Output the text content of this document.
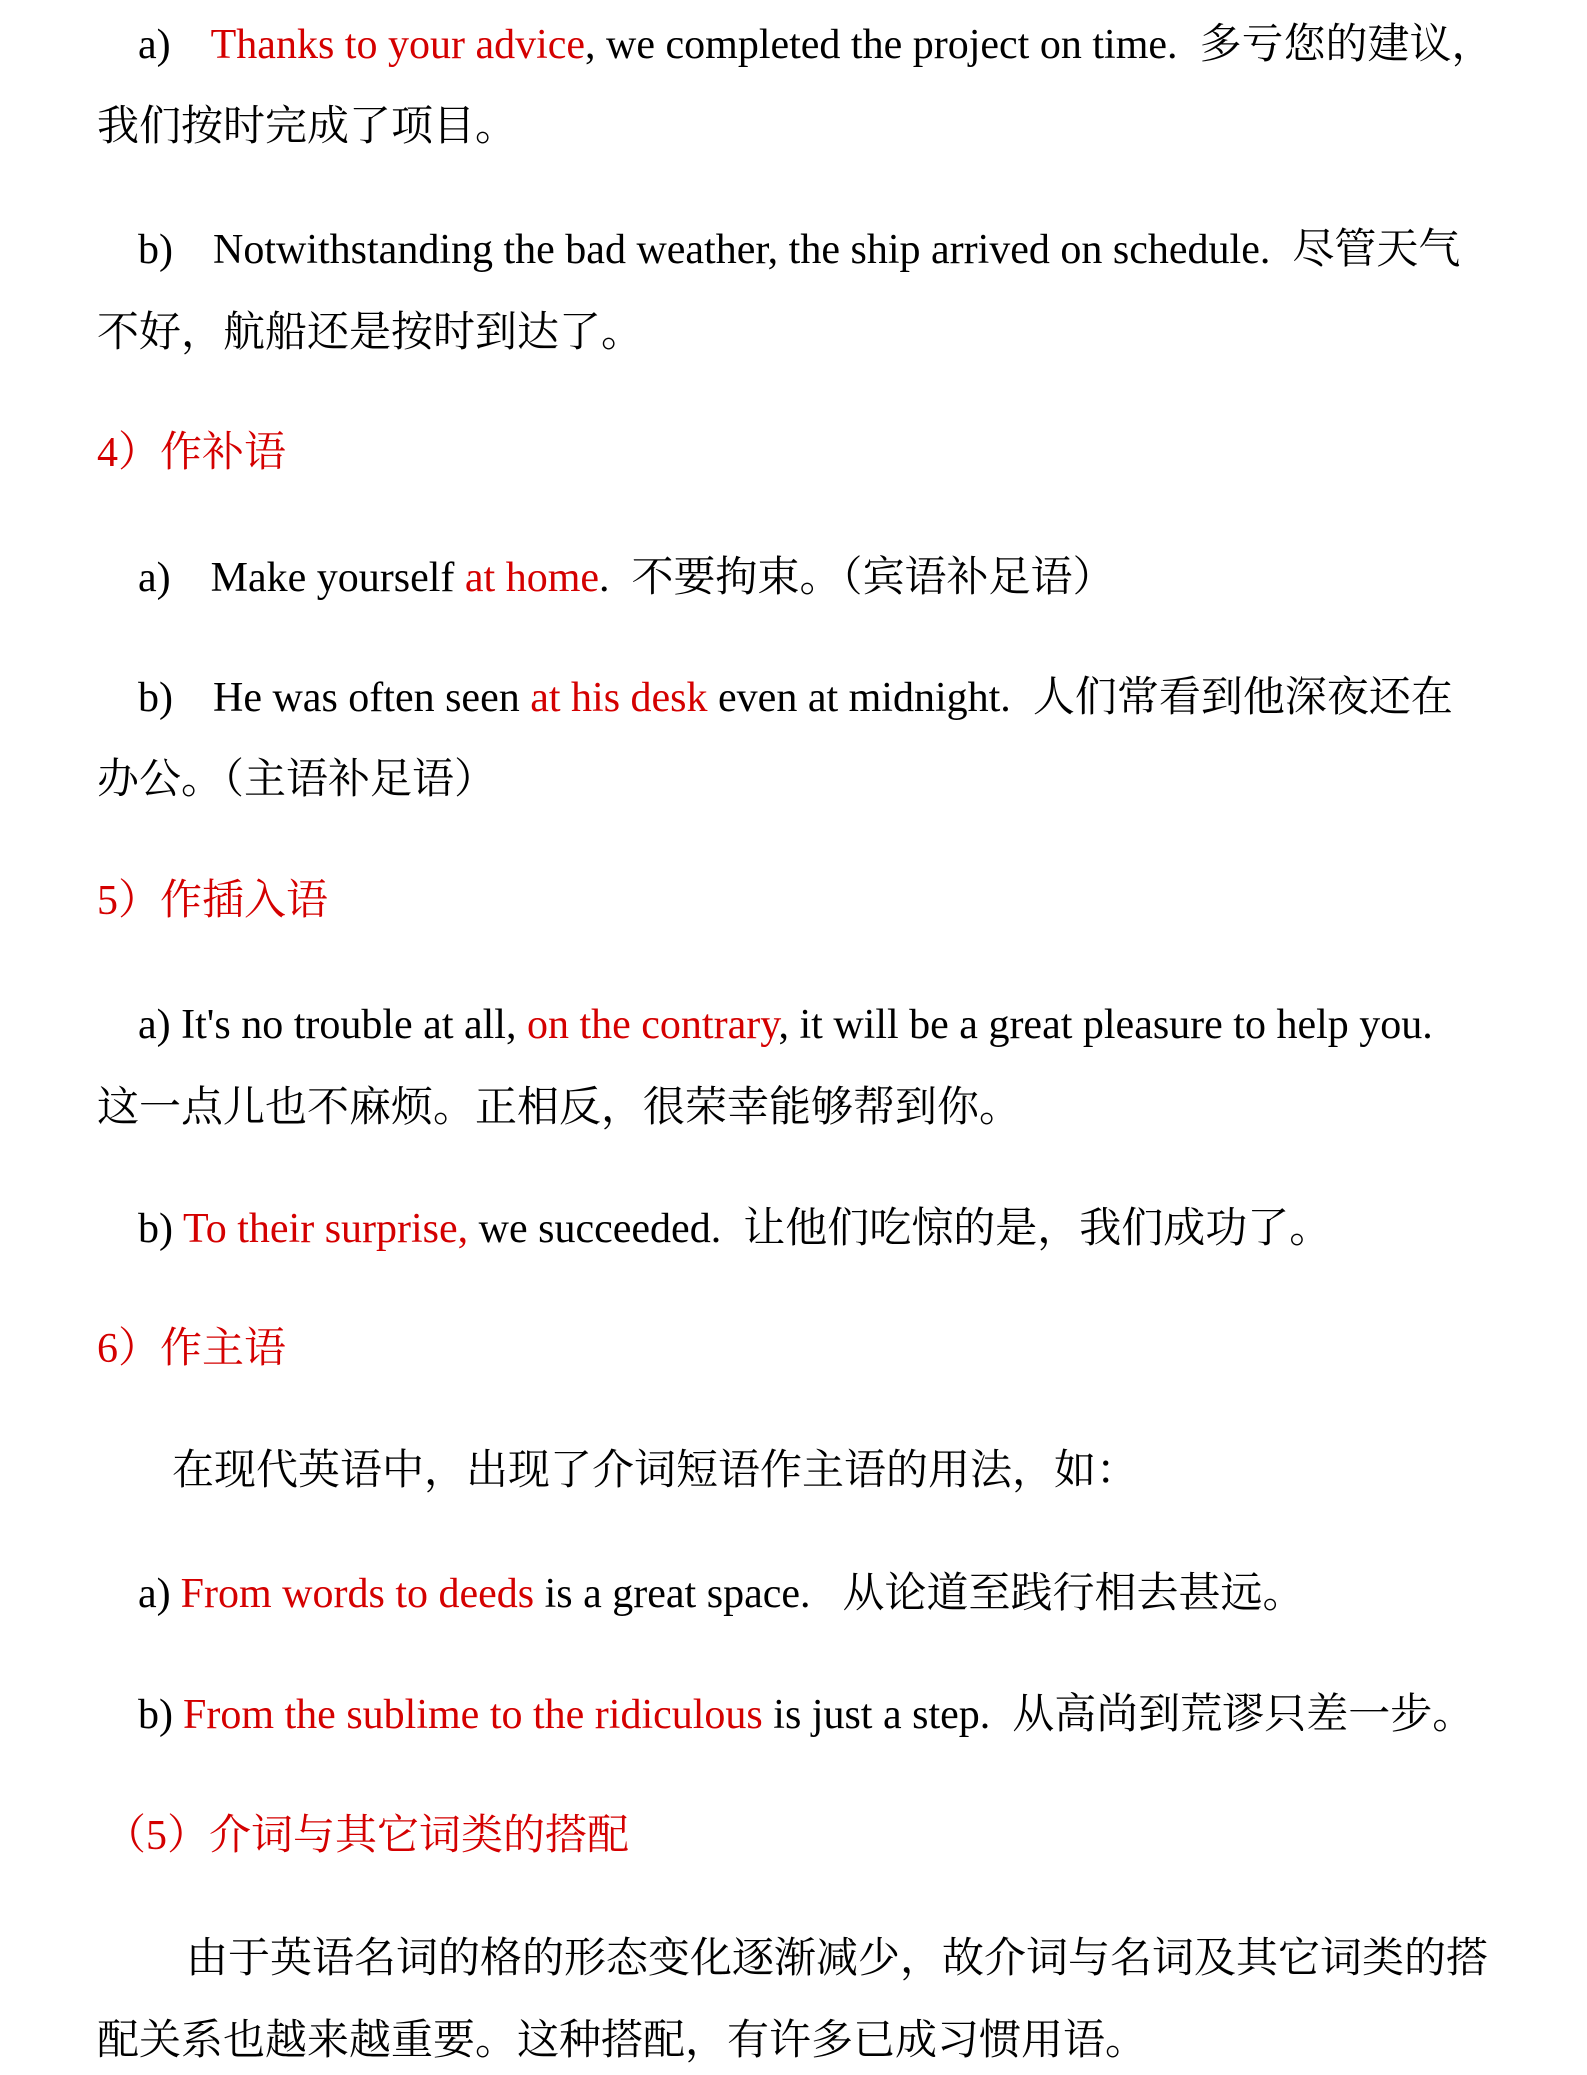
a) Thanks to your advice, we completed the project on time. 多亏您的建议，
我们按时完成了项目。
b) Notwithstanding the bad weather, the ship arrived on schedule. 尽管天气
不好，航船还是按时到达了。
4）作补语
a) Make yourself at home. 不要拘束。（宾语补足语）
b) He was often seen at his desk even at midnight. 人们常看到他深夜还在
办公。（主语补足语）
5）作插入语
a) It's no trouble at all, on the contrary, it will be a great pleasure to help you.
这一点儿也不麻烦。正相反，很荣幸能够帮到你。
b) To their surprise, we succeeded. 让他们吃惊的是，我们成功了。
6）作主语
在现代英语中，出现了介词短语作主语的用法，如：
a) From words to deeds is a great space. 从论道至践行相去甚远。
b) From the sublime to the ridiculous is just a step. 从高尚到荒谬只差一步。
（5）介词与其它词类的搭配
由于英语名词的格的形态变化逐渐减少，故介词与名词及其它词类的搭
配关系也越来越重要。这种搭配，有许多已成习惯用语。
